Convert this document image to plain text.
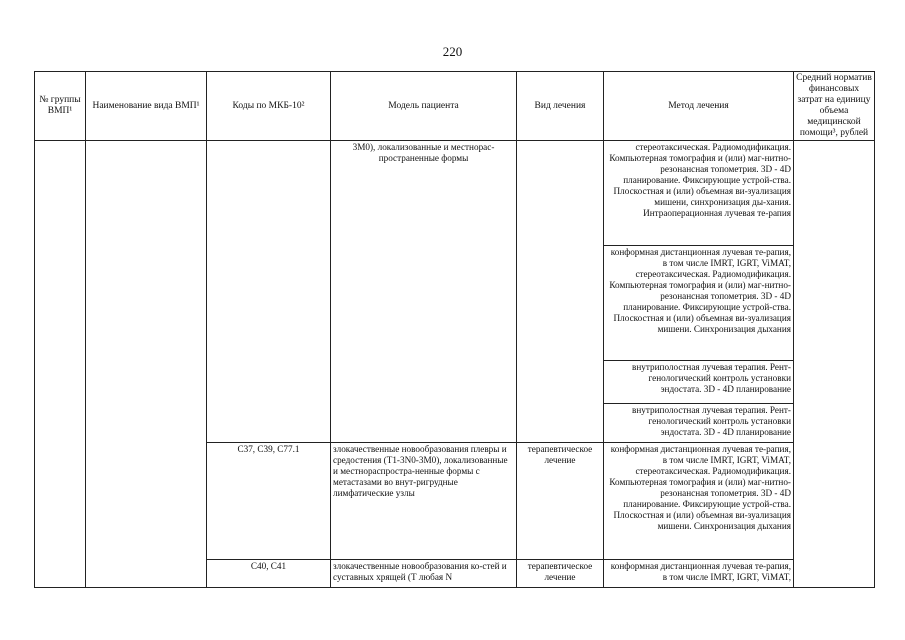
220
№ группы ВМП¹	Наименование вида ВМП¹	Коды по МКБ-10²	Модель пациента	Вид лечения	Метод лечения	Средний норматив финансовых затрат на единицу объема медицинской помощи³, рублей
			3М0), локализованные и местнорас-пространенные формы		стереотаксическая. Радиомодификация. Компьютерная томография и (или) маг-нитно-резонансная топометрия. 3D - 4D планирование. Фиксирующие устрой-ства. Плоскостная и (или) объемная ви-зуализация мишени, синхронизация ды-хания. Интраоперационная лучевая те-рапия	
					конформная дистанционная лучевая те-рапия, в том числе IMRT, IGRT, ViMAT, стереотаксическая. Радиомодификация. Компьютерная томография и (или) маг-нитно-резонансная топометрия. 3D - 4D планирование. Фиксирующие устрой-ства. Плоскостная и (или) объемная ви-зуализация мишени. Синхронизация дыхания	
					внутриполостная лучевая терапия. Рент-генологический контроль установки эндостата. 3D - 4D планирование	
					внутриполостная лучевая терапия. Рент-генологический контроль установки эндостата. 3D - 4D планирование	
		С37, С39, С77.1	злокачественные новообразования плевры и средостения (T1-3N0-3M0), локализованные и местнораспростра-ненные формы с метастазами во внут-ригрудные лимфатические узлы	терапевтическое лечение	конформная дистанционная лучевая те-рапия, в том числе IMRT, IGRT, ViMAT, стереотаксическая. Радиомодификация. Компьютерная томография и (или) маг-нитно-резонансная топометрия. 3D - 4D планирование. Фиксирующие устрой-ства. Плоскостная и (или) объемная ви-зуализация мишени. Синхронизация дыхания	
		С40, С41	злокачественные новообразования ко-стей и суставных хрящей (T любая N	терапевтическое лечение	конформная дистанционная лучевая те-рапия, в том числе IMRT, IGRT, ViMAT,	
